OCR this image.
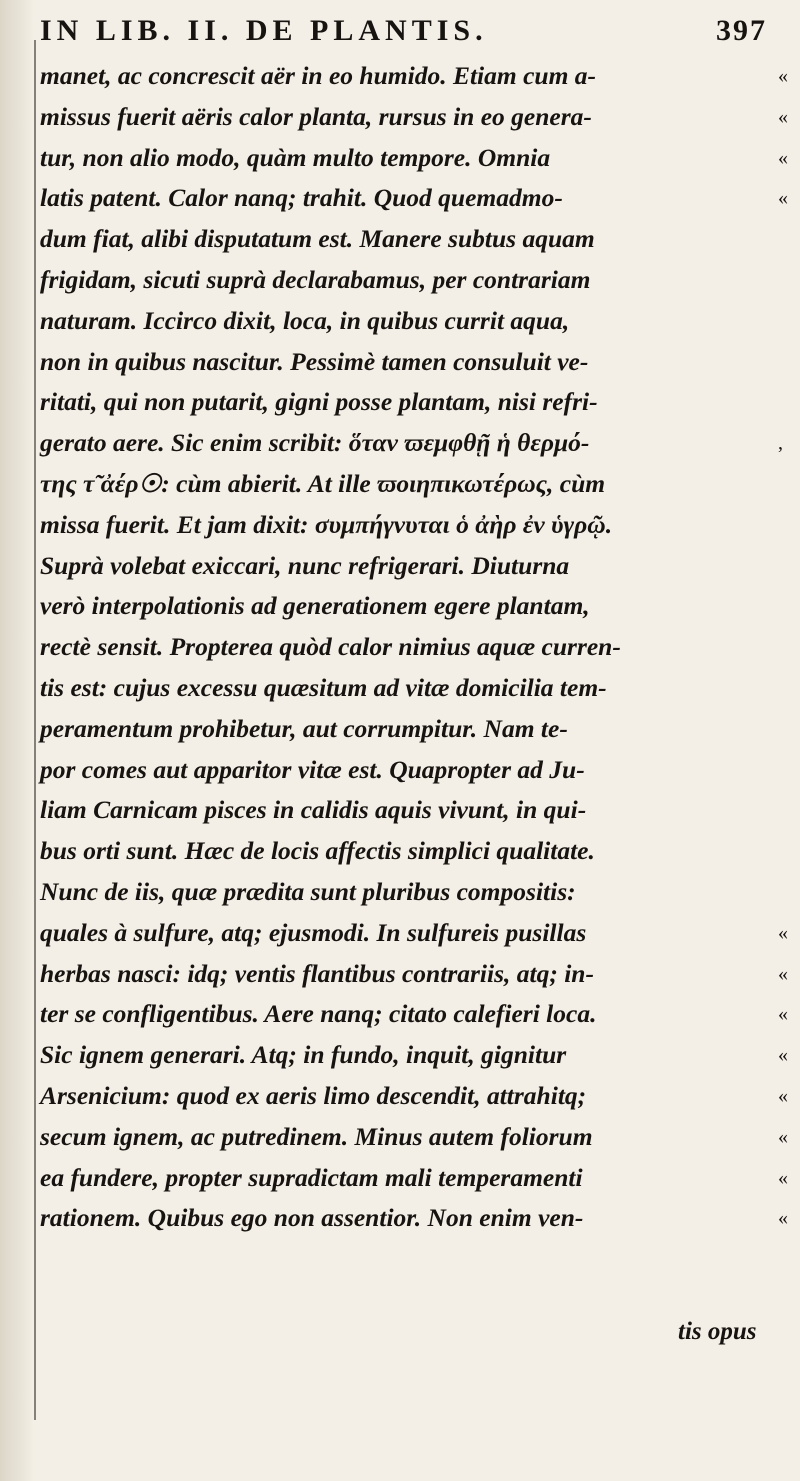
IN LIB. II. DE PLANTIS.	397
manet, ac concrescit aër in eo humido. Etiam cum a-	«
missus fuerit aëris calor planta, rursus in eo genera-	«
tur, non alio modo, quàm multo tempore. Omnia	«
latis patent. Calor nanq; trahit. Quod quemadmo-	«
dum fiat, alibi disputatum est. Manere subtus aquam
frigidam, sicuti suprà declarabamus, per contrariam
naturam. Iccirco dixit, loca, in quibus currit aqua,
non in quibus nascitur. Pessimè tamen consuluit ve-
ritati, qui non putarit, gigni posse plantam, nisi refri-
gerato aere. Sic enim scribit: ὅταν ϖεμφθῇ ἡ θερμό-	,
της τ̃ ἀέρ☉: cùm abierit. At ille ϖοιηπικωτέρως, cùm
missa fuerit. Et jam dixit: συμπήγνυται ὁ ἀὴρ ἐν ὑγρῷ.
Suprà volebat exiccari, nunc refrigerari. Diuturna
verò interpolationis ad generationem egere plantam,
rectè sensit. Propterea quòd calor nimius aquæ curren-
tis est: cujus excessu quæsitum ad vitæ domicilia tem-
peramentum prohibetur, aut corrumpitur. Nam te-
por comes aut apparitor vitæ est. Quapropter ad Ju-
liam Carnicam pisces in calidis aquis vivunt, in qui-
bus orti sunt. Hæc de locis affectis simplici qualitate.
Nunc de iis, quæ prædita sunt pluribus compositis:
quales à sulfure, atq; ejusmodi. In sulfureis pusillas	«
herbas nasci: idq; ventis flantibus contrariis, atq; in-	«
ter se confligentibus. Aere nanq; citato calefieri loca.	«
Sic ignem generari. Atq; in fundo, inquit, gignitur	«
Arsenicium: quod ex aeris limo descendit, attrahitq;	«
secum ignem, ac putredinem. Minus autem foliorum	«
ea fundere, propter supradictam mali temperamenti	«
rationem. Quibus ego non assentior. Non enim ven-	«
tis opus
